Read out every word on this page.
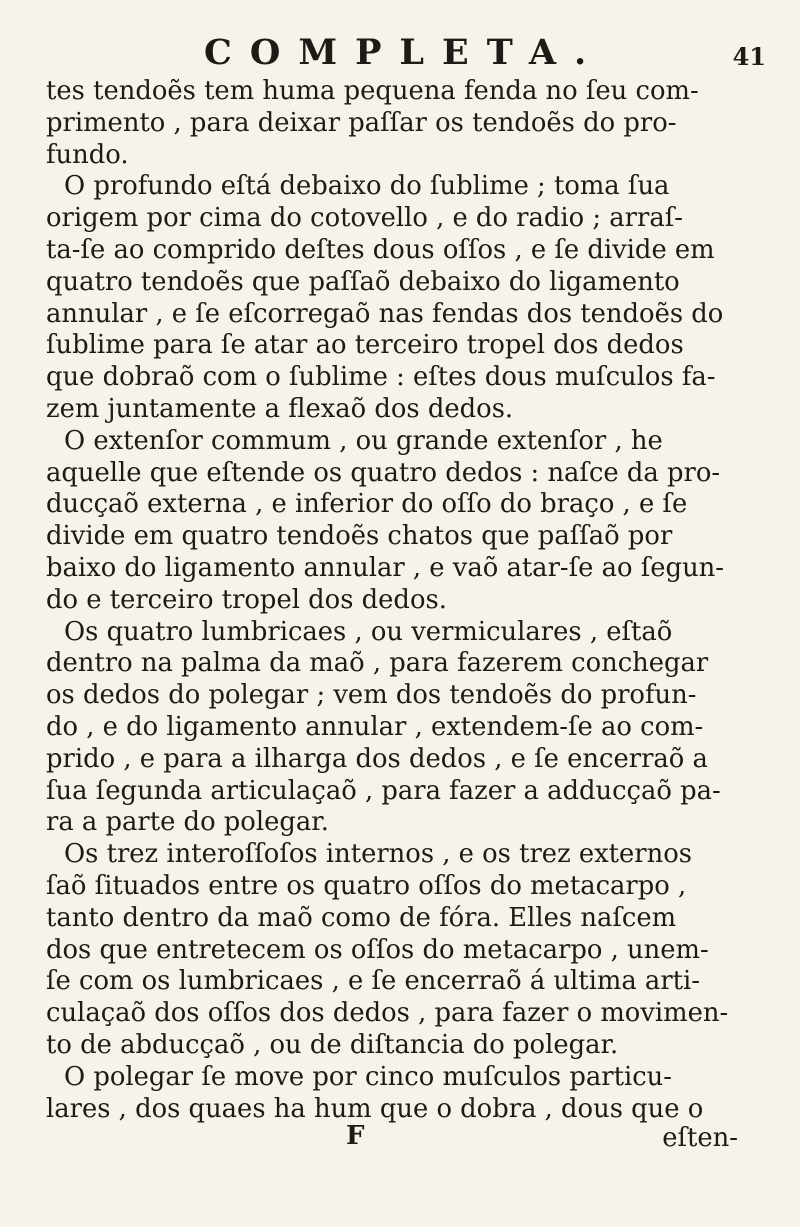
COMPLETA.	41
tes tendoẽs tem huma pequena fenda no ſeu com-
primento , para deixar paſſar os tendoẽs do pro-
fundo.
O profundo eſtá debaixo do ſublime ; toma ſua
origem por cima do cotovello , e do radio ; arraſ-
ta-ſe ao comprido deſtes dous oſſos , e ſe divide em
quatro tendoẽs que paſſaõ debaixo do ligamento
annular , e ſe eſcorregaõ nas fendas dos tendoẽs do
ſublime para ſe atar ao terceiro tropel dos dedos
que dobraõ com o ſublime : eſtes dous muſculos fa-
zem juntamente a flexaõ dos dedos.
O extenſor commum , ou grande extenſor , he
aquelle que eſtende os quatro dedos : naſce da pro-
ducçaõ externa , e inferior do oſſo do braço , e ſe
divide em quatro tendoẽs chatos que paſſaõ por
baixo do ligamento annular , e vaõ atar-ſe ao ſegun-
do e terceiro tropel dos dedos.
Os quatro lumbricaes , ou vermiculares , eſtaõ
dentro na palma da maõ , para fazerem conchegar
os dedos do polegar ; vem dos tendoẽs do profun-
do , e do ligamento annular , extendem-ſe ao com-
prido , e para a ilharga dos dedos , e ſe encerraõ a
ſua ſegunda articulaçaõ , para fazer a adducçaõ pa-
ra a parte do polegar.
Os trez interoſſoſos internos , e os trez externos
ſaõ ſituados entre os quatro oſſos do metacarpo ,
tanto dentro da maõ como de fóra. Elles naſcem
dos que entretecem os oſſos do metacarpo , unem-
ſe com os lumbricaes , e ſe encerraõ á ultima arti-
culaçaõ dos oſſos dos dedos , para fazer o movimen-
to de abducçaõ , ou de diſtancia do polegar.
O polegar ſe move por cinco muſculos particu-
lares , dos quaes ha hum que o dobra , dous que o
F	eſten-
